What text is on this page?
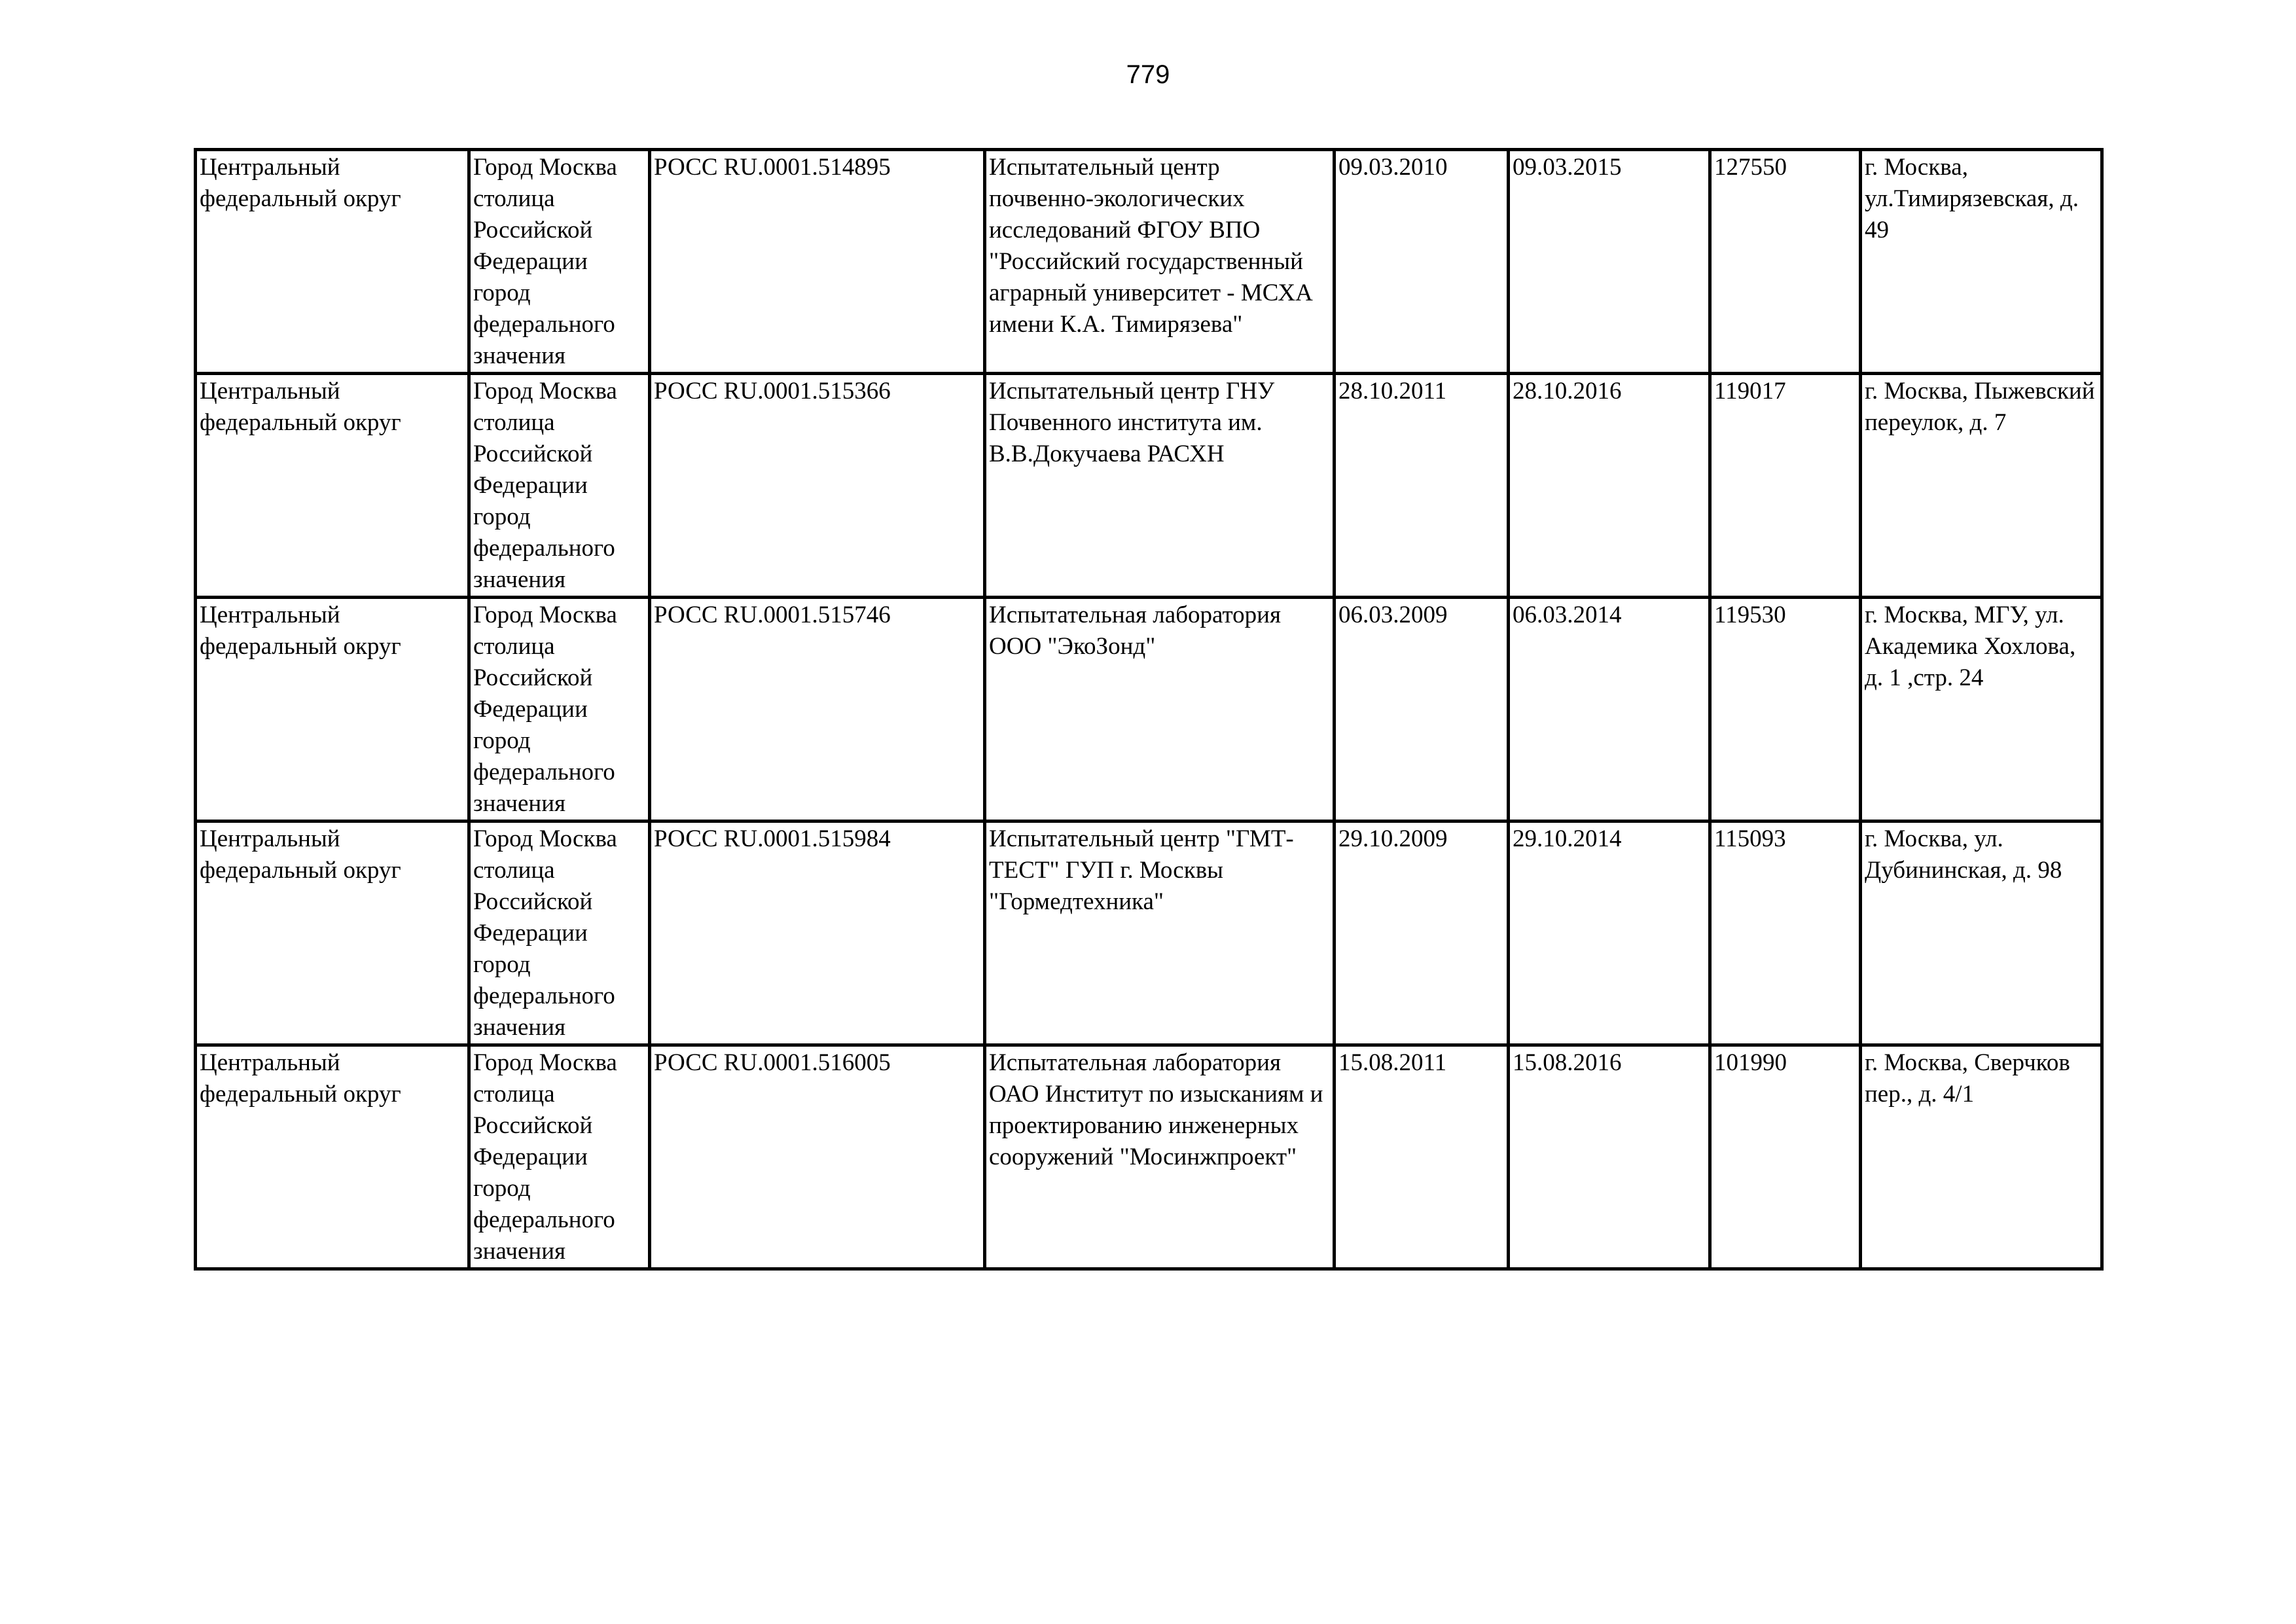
779
Центральный федеральный округ	Город Москва столица Российской Федерации город федерального значения	РОСС RU.0001.514895	Испытательный центр почвенно-экологических исследований ФГОУ ВПО "Российский государственный аграрный университет - МСХА имени К.А. Тимирязева"	09.03.2010	09.03.2015	127550	г. Москва, ул.Тимирязевская, д. 49
Центральный федеральный округ	Город Москва столица Российской Федерации город федерального значения	РОСС RU.0001.515366	Испытательный центр ГНУ Почвенного института им. В.В.Докучаева РАСХН	28.10.2011	28.10.2016	119017	г. Москва, Пыжевский переулок, д. 7
Центральный федеральный округ	Город Москва столица Российской Федерации город федерального значения	РОСС RU.0001.515746	Испытательная лаборатория ООО "ЭкоЗонд"	06.03.2009	06.03.2014	119530	г. Москва, МГУ, ул. Академика Хохлова, д. 1 ,стр. 24
Центральный федеральный округ	Город Москва столица Российской Федерации город федерального значения	РОСС RU.0001.515984	Испытательный центр "ГМТ-ТЕСТ" ГУП г. Москвы "Гормедтехника"	29.10.2009	29.10.2014	115093	г. Москва, ул. Дубининская, д. 98
Центральный федеральный округ	Город Москва столица Российской Федерации город федерального значения	РОСС RU.0001.516005	Испытательная лаборатория ОАО Институт по изысканиям и проектированию инженерных сооружений "Мосинжпроект"	15.08.2011	15.08.2016	101990	г. Москва, Сверчков пер., д. 4/1
